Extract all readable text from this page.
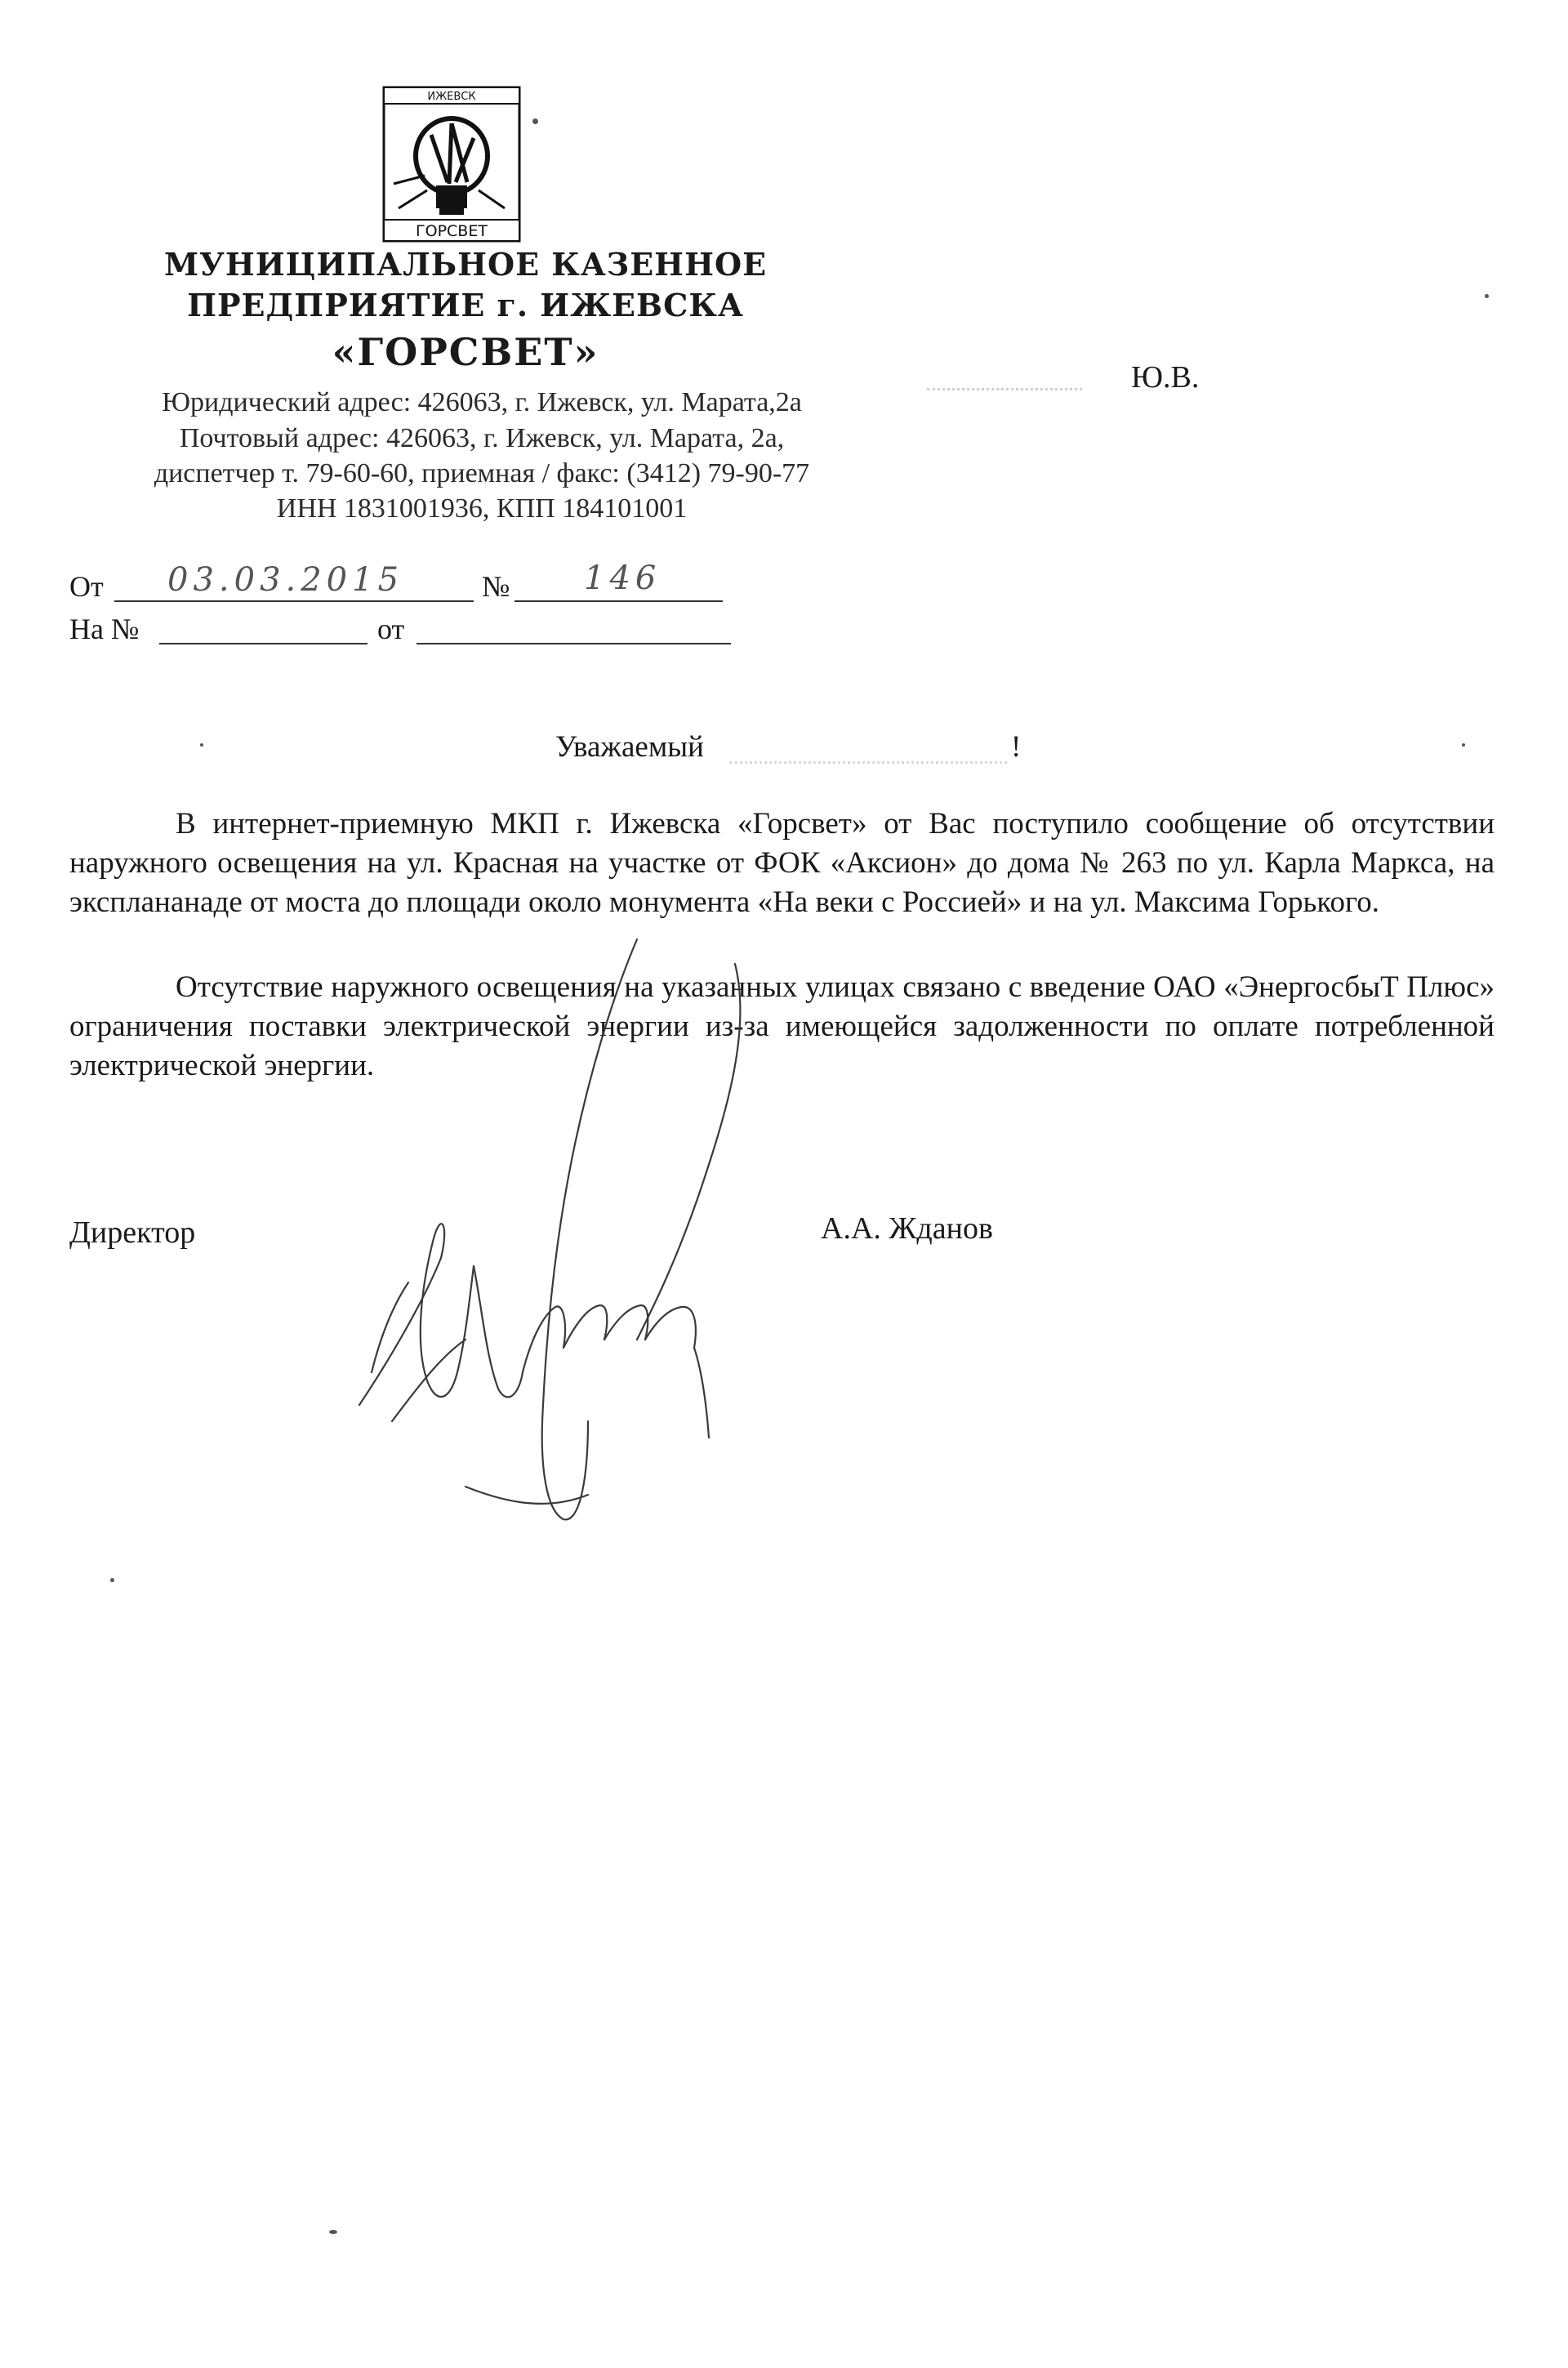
ИЖЕВСК
ГОРСВЕТ
МУНИЦИПАЛЬНОЕ КАЗЕННОЕ
ПРЕДПРИЯТИЕ г. ИЖЕВСКА
«ГОРСВЕТ»
Юридический адрес: 426063, г. Ижевск, ул. Марата,2а
Почтовый адрес: 426063, г. Ижевск, ул. Марата, 2а,
диспетчер т. 79-60-60, приемная / факс: (3412) 79-90-77
ИНН 1831001936, КПП 184101001
Ю.В.
От 03.03.2015	№ 146
На №	от
Уважаемый	!

В интернет-приемную МКП г. Ижевска «Горсвет» от Вас поступило сообщение об отсутствии наружного освещения на ул. Красная на участке от ФОК «Аксион» до дома № 263 по ул. Карла Маркса, на эксплананаде от моста до площади около монумента «На веки с Россией» и на ул. Максима Горького.

Отсутствие наружного освещения на указанных улицах связано с введение ОАО «ЭнергосбыТ Плюс» ограничения поставки электрической энергии из-за имеющейся задолженности по оплате потребленной электрической энергии.

Директор	А.А. Жданов
